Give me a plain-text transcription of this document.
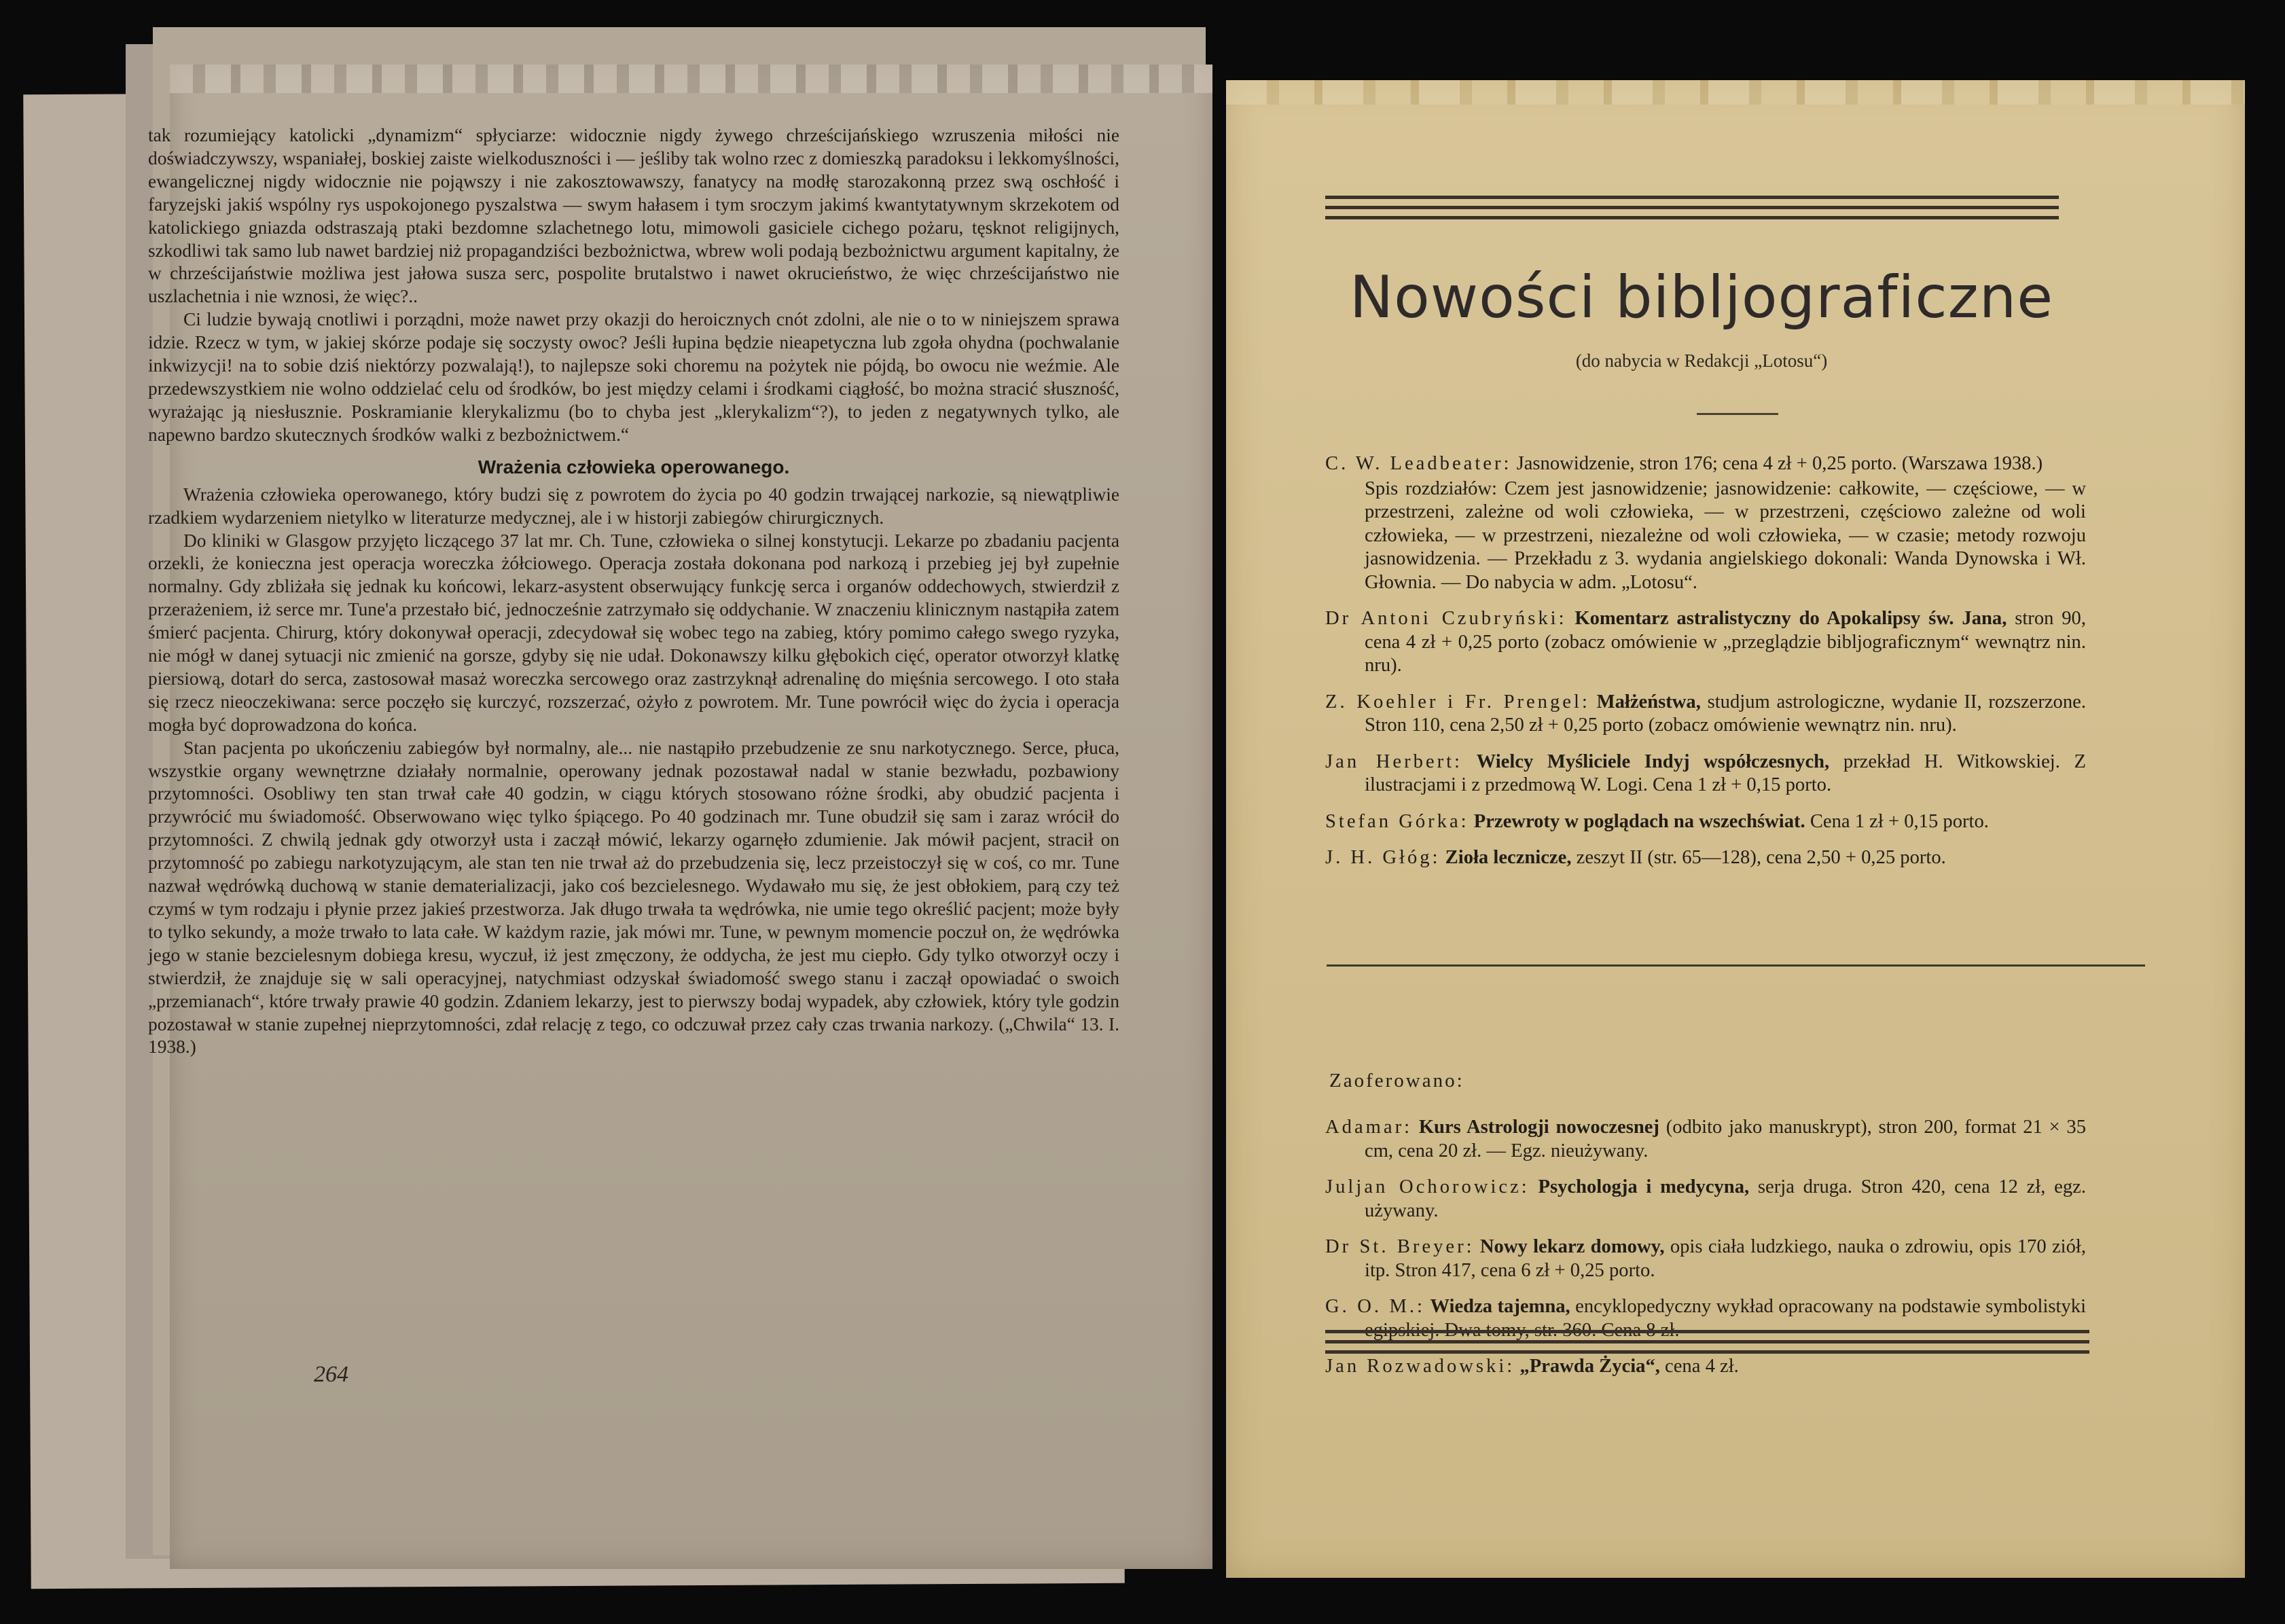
tak rozumiejący katolicki „dynamizm“ spłyciarze: widocznie nigdy żywego chrześcijańskiego wzruszenia miłości nie doświadczywszy, wspaniałej, boskiej zaiste wielkoduszności i — jeśliby tak wolno rzec z domieszką paradoksu i lekkomyślności, ewangelicznej nigdy widocznie nie pojąwszy i nie zakosztowawszy, fanatycy na modłę starozakonną przez swą oschłość i faryzejski jakiś wspólny rys uspokojonego pyszalstwa — swym hałasem i tym sroczym jakimś kwantytatywnym skrzekotem od katolickiego gniazda odstraszają ptaki bezdomne szlachetnego lotu, mimowoli gasiciele cichego pożaru, tęsknot religijnych, szkodliwi tak samo lub nawet bardziej niż propagandziści bezbożnictwa, wbrew woli podają bezbożnictwu argument kapitalny, że w chrześcijaństwie możliwa jest jałowa susza serc, pospolite brutalstwo i nawet okrucieństwo, że więc chrześcijaństwo nie uszlachetnia i nie wznosi, że więc?..

Ci ludzie bywają cnotliwi i porządni, może nawet przy okazji do heroicznych cnót zdolni, ale nie o to w niniejszem sprawa idzie. Rzecz w tym, w jakiej skórze podaje się soczysty owoc? Jeśli łupina będzie nieapetyczna lub zgoła ohydna (pochwalanie inkwizycji! na to sobie dziś niektórzy pozwalają!), to najlepsze soki choremu na pożytek nie pójdą, bo owocu nie weźmie. Ale przedewszystkiem nie wolno oddzielać celu od środków, bo jest między celami i środkami ciągłość, bo można stracić słuszność, wyrażając ją niesłusznie. Poskramianie klerykalizmu (bo to chyba jest „klerykalizm“?), to jeden z negatywnych tylko, ale napewno bardzo skutecznych środków walki z bezbożnictwem.“

Wrażenia człowieka operowanego.

Wrażenia człowieka operowanego, który budzi się z powrotem do życia po 40 godzin trwającej narkozie, są niewątpliwie rzadkiem wydarzeniem nietylko w literaturze medycznej, ale i w historji zabiegów chirurgicznych.

Do kliniki w Glasgow przyjęto liczącego 37 lat mr. Ch. Tune, człowieka o silnej konstytucji. Lekarze po zbadaniu pacjenta orzekli, że konieczna jest operacja woreczka żółciowego. Operacja została dokonana pod narkozą i przebieg jej był zupełnie normalny. Gdy zbliżała się jednak ku końcowi, lekarz-asystent obserwujący funkcję serca i organów oddechowych, stwierdził z przerażeniem, iż serce mr. Tune'a przestało bić, jednocześnie zatrzymało się oddychanie. W znaczeniu klinicznym nastąpiła zatem śmierć pacjenta. Chirurg, który dokonywał operacji, zdecydował się wobec tego na zabieg, który pomimo całego swego ryzyka, nie mógł w danej sytuacji nic zmienić na gorsze, gdyby się nie udał. Dokonawszy kilku głębokich cięć, operator otworzył klatkę piersiową, dotarł do serca, zastosował masaż woreczka sercowego oraz zastrzyknął adrenalinę do mięśnia sercowego. I oto stała się rzecz nieoczekiwana: serce poczęło się kurczyć, rozszerzać, ożyło z powrotem. Mr. Tune powrócił więc do życia i operacja mogła być doprowadzona do końca.

Stan pacjenta po ukończeniu zabiegów był normalny, ale... nie nastąpiło przebudzenie ze snu narkotycznego. Serce, płuca, wszystkie organy wewnętrzne działały normalnie, operowany jednak pozostawał nadal w stanie bezwładu, pozbawiony przytomności. Osobliwy ten stan trwał całe 40 godzin, w ciągu których stosowano różne środki, aby obudzić pacjenta i przywrócić mu świadomość. Obserwowano więc tylko śpiącego. Po 40 godzinach mr. Tune obudził się sam i zaraz wrócił do przytomności. Z chwilą jednak gdy otworzył usta i zaczął mówić, lekarzy ogarnęło zdumienie. Jak mówił pacjent, stracił on przytomność po zabiegu narkotyzującym, ale stan ten nie trwał aż do przebudzenia się, lecz przeistoczył się w coś, co mr. Tune nazwał wędrówką duchową w stanie dematerializacji, jako coś bezcielesnego. Wydawało mu się, że jest obłokiem, parą czy też czymś w tym rodzaju i płynie przez jakieś przestworza. Jak długo trwała ta wędrówka, nie umie tego określić pacjent; może były to tylko sekundy, a może trwało to lata całe. W każdym razie, jak mówi mr. Tune, w pewnym momencie poczuł on, że wędrówka jego w stanie bezcielesnym dobiega kresu, wyczuł, iż jest zmęczony, że oddycha, że jest mu ciepło. Gdy tylko otworzył oczy i stwierdził, że znajduje się w sali operacyjnej, natychmiast odzyskał świadomość swego stanu i zaczął opowiadać o swoich „przemianach“, które trwały prawie 40 godzin. Zdaniem lekarzy, jest to pierwszy bodaj wypadek, aby człowiek, który tyle godzin pozostawał w stanie zupełnej nieprzytomności, zdał relację z tego, co odczuwał przez cały czas trwania narkozy. („Chwila“ 13. I. 1938.)

264
Nowości bibljograficzne
(do nabycia w Redakcji „Lotosu“)
C. W. Leadbeater: Jasnowidzenie, stron 176; cena 4 zł + 0,25 porto. (Warszawa 1938.)
Spis rozdziałów: Czem jest jasnowidzenie; jasnowidzenie: całkowite, — częściowe, — w przestrzeni, zależne od woli człowieka, — w przestrzeni, częściowo zależne od woli człowieka, — w przestrzeni, niezależne od woli człowieka, — w czasie; metody rozwoju jasnowidzenia. — Przekładu z 3. wydania angielskiego dokonali: Wanda Dynowska i Wł. Głownia. — Do nabycia w adm. „Lotosu“.
Dr Antoni Czubryński: Komentarz astralistyczny do Apokalipsy św. Jana, stron 90, cena 4 zł + 0,25 porto (zobacz omówienie w „przeglądzie bibljograficznym“ wewnątrz nin. nru).
Z. Koehler i Fr. Prengel: Małżeństwa, studjum astrologiczne, wydanie II, rozszerzone. Stron 110, cena 2,50 zł + 0,25 porto (zobacz omówienie wewnątrz nin. nru).
Jan Herbert: Wielcy Myśliciele Indyj współczesnych, przekład H. Witkowskiej. Z ilustracjami i z przedmową W. Logi. Cena 1 zł + 0,15 porto.
Stefan Górka: Przewroty w poglądach na wszechświat. Cena 1 zł + 0,15 porto.
J. H. Głóg: Zioła lecznicze, zeszyt II (str. 65—128), cena 2,50 + 0,25 porto.
Zaoferowano:
Adamar: Kurs Astrologji nowoczesnej (odbito jako manuskrypt), stron 200, format 21 × 35 cm, cena 20 zł. — Egz. nieużywany.
Juljan Ochorowicz: Psychologja i medycyna, serja druga. Stron 420, cena 12 zł, egz. używany.
Dr St. Breyer: Nowy lekarz domowy, opis ciała ludzkiego, nauka o zdrowiu, opis 170 ziół, itp. Stron 417, cena 6 zł + 0,25 porto.
G. O. M.: Wiedza tajemna, encyklopedyczny wykład opracowany na podstawie symbolistyki
Jan Rozwadowski: „Prawda Życia“, cena 4 zł.
